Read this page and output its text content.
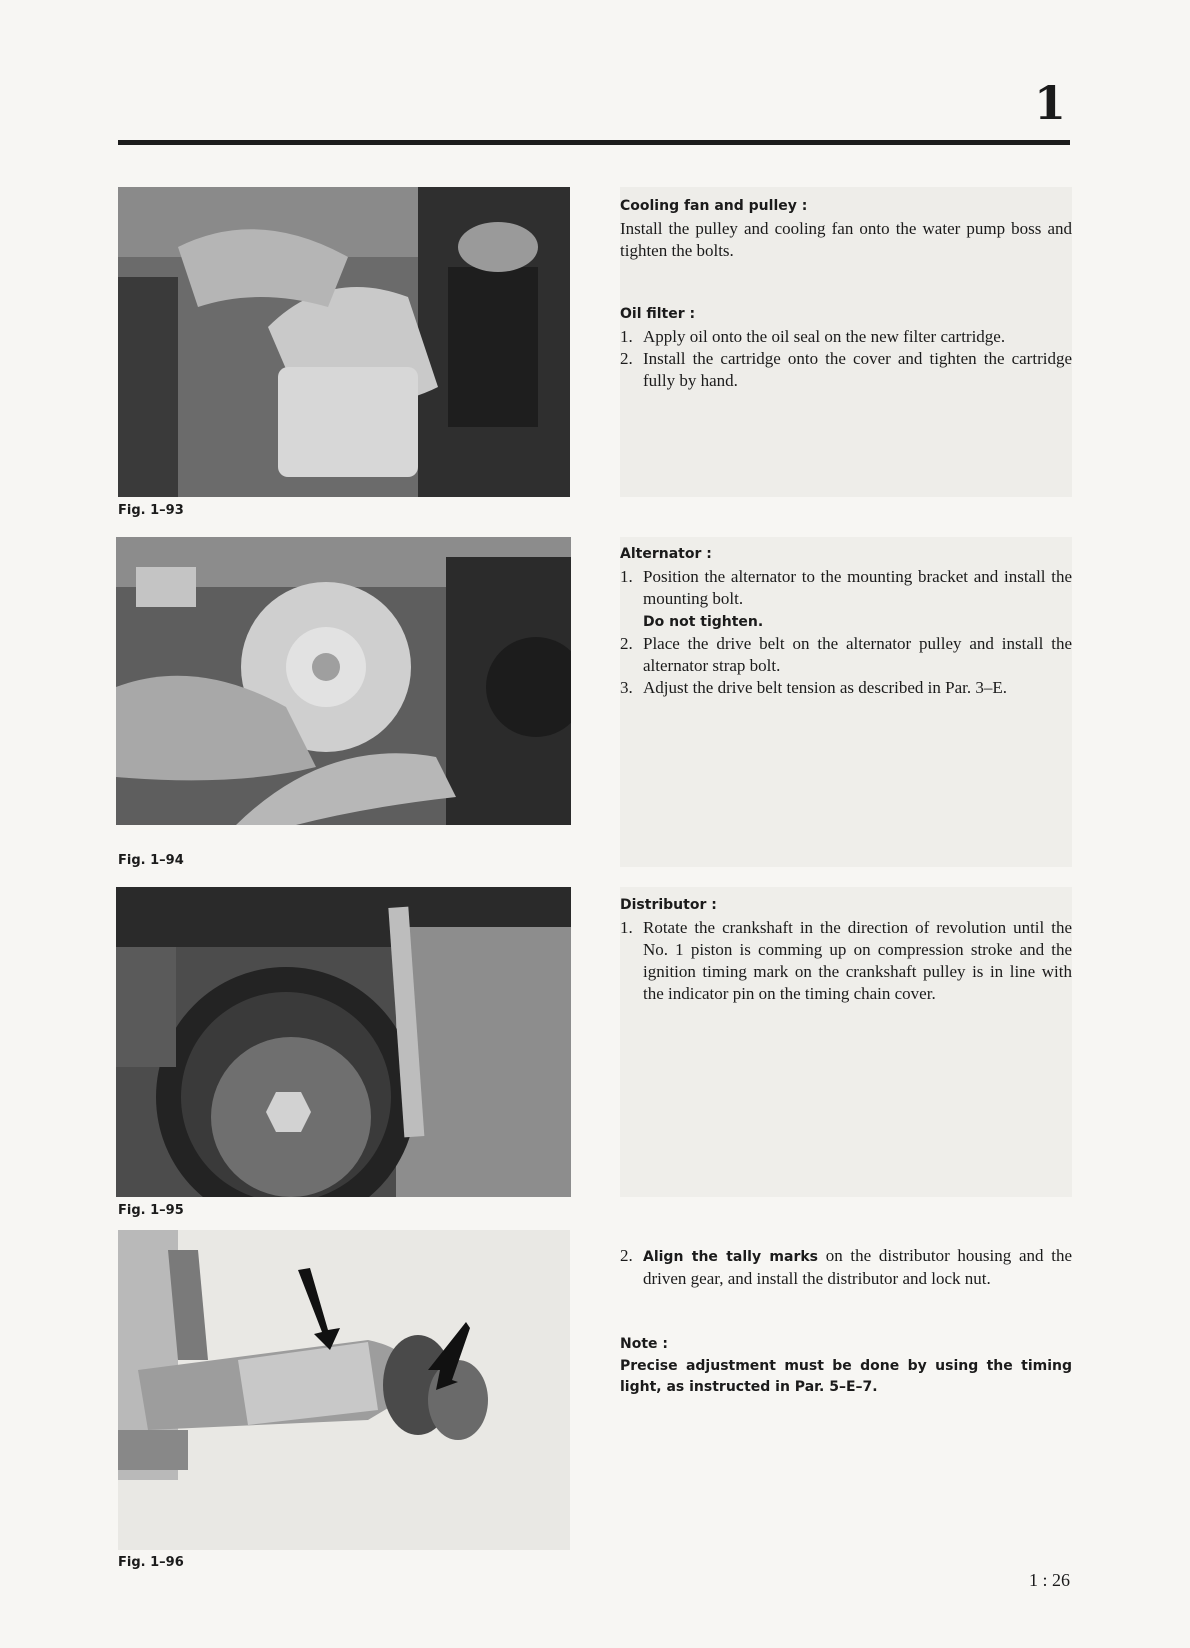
1
Fig. 1–93
Fig. 1–94
Fig. 1–95
Fig. 1–96
Cooling fan and pulley :

Install the pulley and cooling fan onto the water pump boss and tighten the bolts.

Oil filter :
1. Apply oil onto the oil seal on the new filter cartridge.
2. Install the cartridge onto the cover and tighten the cartridge fully by hand.
Alternator :
1. Position the alternator to the mounting bracket and install the mounting bolt.
Do not tighten.
2. Place the drive belt on the alternator pulley and install the alternator strap bolt.
3. Adjust the drive belt tension as described in Par. 3–E.
Distributor :
1. Rotate the crankshaft in the direction of revolution until the No. 1 piston is comming up on compression stroke and the ignition timing mark on the crankshaft pulley is in line with the indicator pin on the timing chain cover.
2. Align the tally marks on the distributor housing and the driven gear, and install the distributor and lock nut.
Note :

Precise adjustment must be done by using the timing light, as instructed in Par. 5–E–7.

1 : 26
